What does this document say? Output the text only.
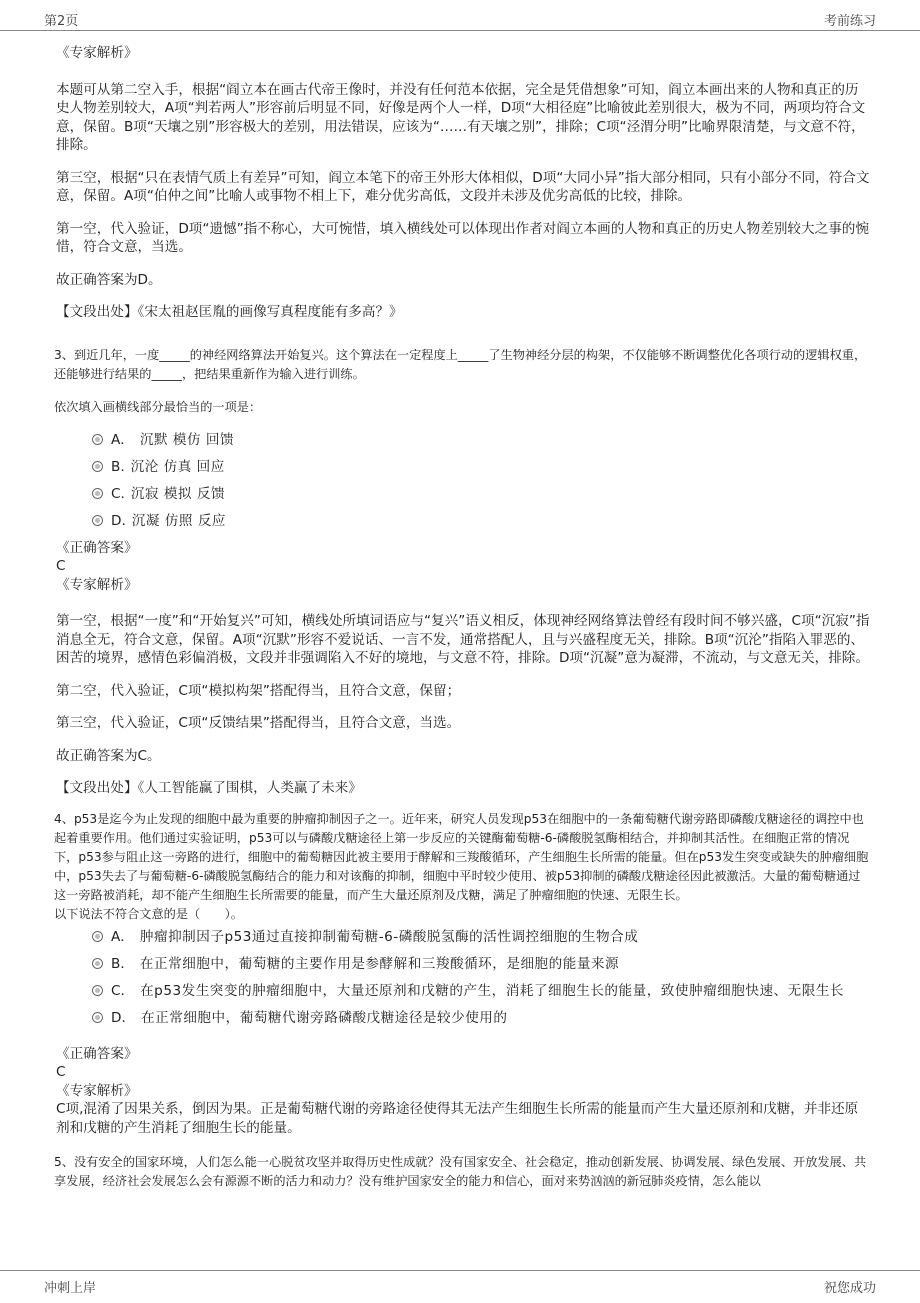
第2页	考前练习

《专家解析》

本题可从第二空入手，根据“阎立本在画古代帝王像时，并没有任何范本依据，完全是凭借想象”可知，阎立本画出来的人物和真正的历史人物差别较大，A项“判若两人”形容前后明显不同，好像是两个人一样，D项“大相径庭”比喻彼此差别很大，极为不同，两项均符合文意，保留。B项“天壤之别”形容极大的差别，用法错误，应该为“……有天壤之别”，排除；C项“泾渭分明”比喻界限清楚，与文意不符，排除。

第三空，根据“只在表情气质上有差异”可知，阎立本笔下的帝王外形大体相似，D项“大同小异”指大部分相同，只有小部分不同，符合文意，保留。A项“伯仲之间”比喻人或事物不相上下，难分优劣高低，文段并未涉及优劣高低的比较，排除。

第一空，代入验证，D项“遗憾”指不称心，大可惋惜，填入横线处可以体现出作者对阎立本画的人物和真正的历史人物差别较大之事的惋惜，符合文意，当选。

故正确答案为D。

【文段出处】《宋太祖赵匡胤的画像写真程度能有多高？》

3、到近几年，一度_____的神经网络算法开始复兴。这个算法在一定程度上_____了生物神经分层的构架，不仅能够不断调整优化各项行动的逻辑权重，还能够进行结果的_____，把结果重新作为输入进行训练。

依次填入画横线部分最恰当的一项是：

A． 沉默 模仿 回馈
B. 沉沦 仿真 回应
C. 沉寂 模拟 反馈
D. 沉凝 仿照 反应

《正确答案》

C

《专家解析》

第一空，根据“一度”和“开始复兴”可知，横线处所填词语应与“复兴”语义相反，体现神经网络算法曾经有段时间不够兴盛，C项“沉寂”指消息全无，符合文意，保留。A项“沉默”形容不爱说话、一言不发，通常搭配人，且与兴盛程度无关，排除。B项“沉沦”指陷入罪恶的、困苦的境界，感情色彩偏消极，文段并非强调陷入不好的境地，与文意不符，排除。D项“沉凝”意为凝滞，不流动，与文意无关，排除。

第二空，代入验证，C项“模拟构架”搭配得当，且符合文意，保留；

第三空，代入验证，C项“反馈结果”搭配得当，且符合文意，当选。

故正确答案为C。

【文段出处】《人工智能赢了围棋，人类赢了未来》

4、p53是迄今为止发现的细胞中最为重要的肿瘤抑制因子之一。近年来，研究人员发现p53在细胞中的一条葡萄糖代谢旁路即磷酸戊糖途径的调控中也起着重要作用。他们通过实验证明，p53可以与磷酸戊糖途径上第一步反应的关键酶葡萄糖-6-磷酸脱氢酶相结合，并抑制其活性。在细胞正常的情况下，p53参与阻止这一旁路的进行，细胞中的葡萄糖因此被主要用于酵解和三羧酸循环，产生细胞生长所需的能量。但在p53发生突变或缺失的肿瘤细胞中，p53失去了与葡萄糖-6-磷酸脱氢酶结合的能力和对该酶的抑制，细胞中平时较少使用、被p53抑制的磷酸戊糖途径因此被激活。大量的葡萄糖通过这一旁路被消耗，却不能产生细胞生长所需要的能量，而产生大量还原剂及戊糖，满足了肿瘤细胞的快速、无限生长。

以下说法不符合文意的是（　　）。

A． 肿瘤抑制因子p53通过直接抑制葡萄糖-6-磷酸脱氢酶的活性调控细胞的生物合成
B． 在正常细胞中，葡萄糖的主要作用是参酵解和三羧酸循环，是细胞的能量来源
C． 在p53发生突变的肿瘤细胞中，大量还原剂和戊糖的产生，消耗了细胞生长的能量，致使肿瘤细胞快速、无限生长
D． 在正常细胞中，葡萄糖代谢旁路磷酸戊糖途径是较少使用的

《正确答案》

C

《专家解析》

C项,混淆了因果关系，倒因为果。正是葡萄糖代谢的旁路途径使得其无法产生细胞生长所需的能量而产生大量还原剂和戊糖，并非还原剂和戊糖的产生消耗了细胞生长的能量。

5、没有安全的国家环境，人们怎么能一心脱贫攻坚并取得历史性成就？没有国家安全、社会稳定，推动创新发展、协调发展、绿色发展、开放发展、共享发展，经济社会发展怎么会有源源不断的活力和动力？没有维护国家安全的能力和信心，面对来势汹汹的新冠肺炎疫情，怎么能以

冲刺上岸	祝您成功
